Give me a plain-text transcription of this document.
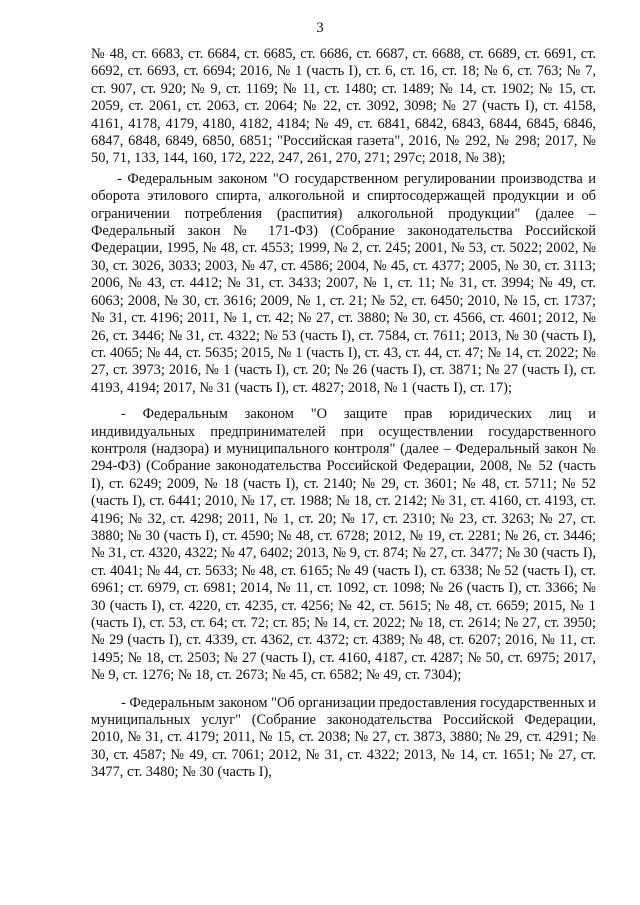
3

№ 48, ст. 6683, ст. 6684, ст. 6685, ст. 6686, ст. 6687, ст. 6688, ст. 6689, ст. 6691, ст. 6692, ст. 6693, ст. 6694; 2016, № 1 (часть I), ст. 6, ст. 16, ст. 18; № 6, ст. 763; № 7, ст. 907, ст. 920; № 9, ст. 1169; № 11, ст. 1480; ст. 1489; № 14, ст. 1902; № 15, ст. 2059, ст. 2061, ст. 2063, ст. 2064; № 22, ст. 3092, 3098; № 27 (часть I), ст. 4158, 4161, 4178, 4179, 4180, 4182, 4184; № 49, ст. 6841, 6842, 6843, 6844, 6845, 6846, 6847, 6848, 6849, 6850, 6851; "Российская газета", 2016, № 292, № 298; 2017, № 50, 71, 133, 144, 160, 172, 222, 247, 261, 270, 271; 297с; 2018, № 38);

- Федеральным законом "О государственном регулировании производства и оборота этилового спирта, алкогольной и спиртосодержащей продукции и об ограничении потребления (распития) алкогольной продукции" (далее – Федеральный закон № 171-ФЗ) (Собрание законодательства Российской Федерации, 1995, № 48, ст. 4553; 1999, № 2, ст. 245; 2001, № 53, ст. 5022; 2002, № 30, ст. 3026, 3033; 2003, № 47, ст. 4586; 2004, № 45, ст. 4377; 2005, № 30, ст. 3113; 2006, № 43, ст. 4412; № 31, ст. 3433; 2007, № 1, ст. 11; № 31, ст. 3994; № 49, ст. 6063; 2008, № 30, ст. 3616; 2009, № 1, ст. 21; № 52, ст. 6450; 2010, № 15, ст. 1737; № 31, ст. 4196; 2011, № 1, ст. 42; № 27, ст. 3880; № 30, ст. 4566, ст. 4601; 2012, № 26, ст. 3446; № 31, ст. 4322; № 53 (часть I), ст. 7584, ст. 7611; 2013, № 30 (часть I), ст. 4065; № 44, ст. 5635; 2015, № 1 (часть I), ст. 43, ст. 44, ст. 47; № 14, ст. 2022; № 27, ст. 3973; 2016, № 1 (часть I), ст. 20; № 26 (часть I), ст. 3871; № 27 (часть I), ст. 4193, 4194; 2017, № 31 (часть I), ст. 4827; 2018, № 1 (часть I), ст. 17);

- Федеральным законом "О защите прав юридических лиц и индивидуальных предпринимателей при осуществлении государственного контроля (надзора) и муниципального контроля" (далее – Федеральный закон № 294-ФЗ) (Собрание законодательства Российской Федерации, 2008, № 52 (часть I), ст. 6249; 2009, № 18 (часть I), ст. 2140; № 29, ст. 3601; № 48, ст. 5711; № 52 (часть I), ст. 6441; 2010, № 17, ст. 1988; № 18, ст. 2142; № 31, ст. 4160, ст. 4193, ст. 4196; № 32, ст. 4298; 2011, № 1, ст. 20; № 17, ст. 2310; № 23, ст. 3263; № 27, ст. 3880; № 30 (часть I), ст. 4590; № 48, ст. 6728; 2012, № 19, ст. 2281; № 26, ст. 3446; № 31, ст. 4320, 4322; № 47, 6402; 2013, № 9, ст. 874; № 27, ст. 3477; № 30 (часть I), ст. 4041; № 44, ст. 5633; № 48, ст. 6165; № 49 (часть I), ст. 6338; № 52 (часть I), ст. 6961; ст. 6979, ст. 6981; 2014, № 11, ст. 1092, ст. 1098; № 26 (часть I), ст. 3366; № 30 (часть I), ст. 4220, ст. 4235, ст. 4256; № 42, ст. 5615; № 48, ст. 6659; 2015, № 1 (часть I), ст. 53, ст. 64; ст. 72; ст. 85; № 14, ст. 2022; № 18, ст. 2614; № 27, ст. 3950; № 29 (часть I), ст. 4339, ст. 4362, ст. 4372; ст. 4389; № 48, ст. 6207; 2016, № 11, ст. 1495; № 18, ст. 2503; № 27 (часть I), ст. 4160, 4187, ст. 4287; № 50, ст. 6975; 2017, № 9, ст. 1276; № 18, ст. 2673; № 45, ст. 6582; № 49, ст. 7304);

- Федеральным законом "Об организации предоставления государственных и муниципальных услуг" (Собрание законодательства Российской Федерации, 2010, № 31, ст. 4179; 2011, № 15, ст. 2038; № 27, ст. 3873, 3880; № 29, ст. 4291; № 30, ст. 4587; № 49, ст. 7061; 2012, № 31, ст. 4322; 2013, № 14, ст. 1651; № 27, ст. 3477, ст. 3480; № 30 (часть I),
